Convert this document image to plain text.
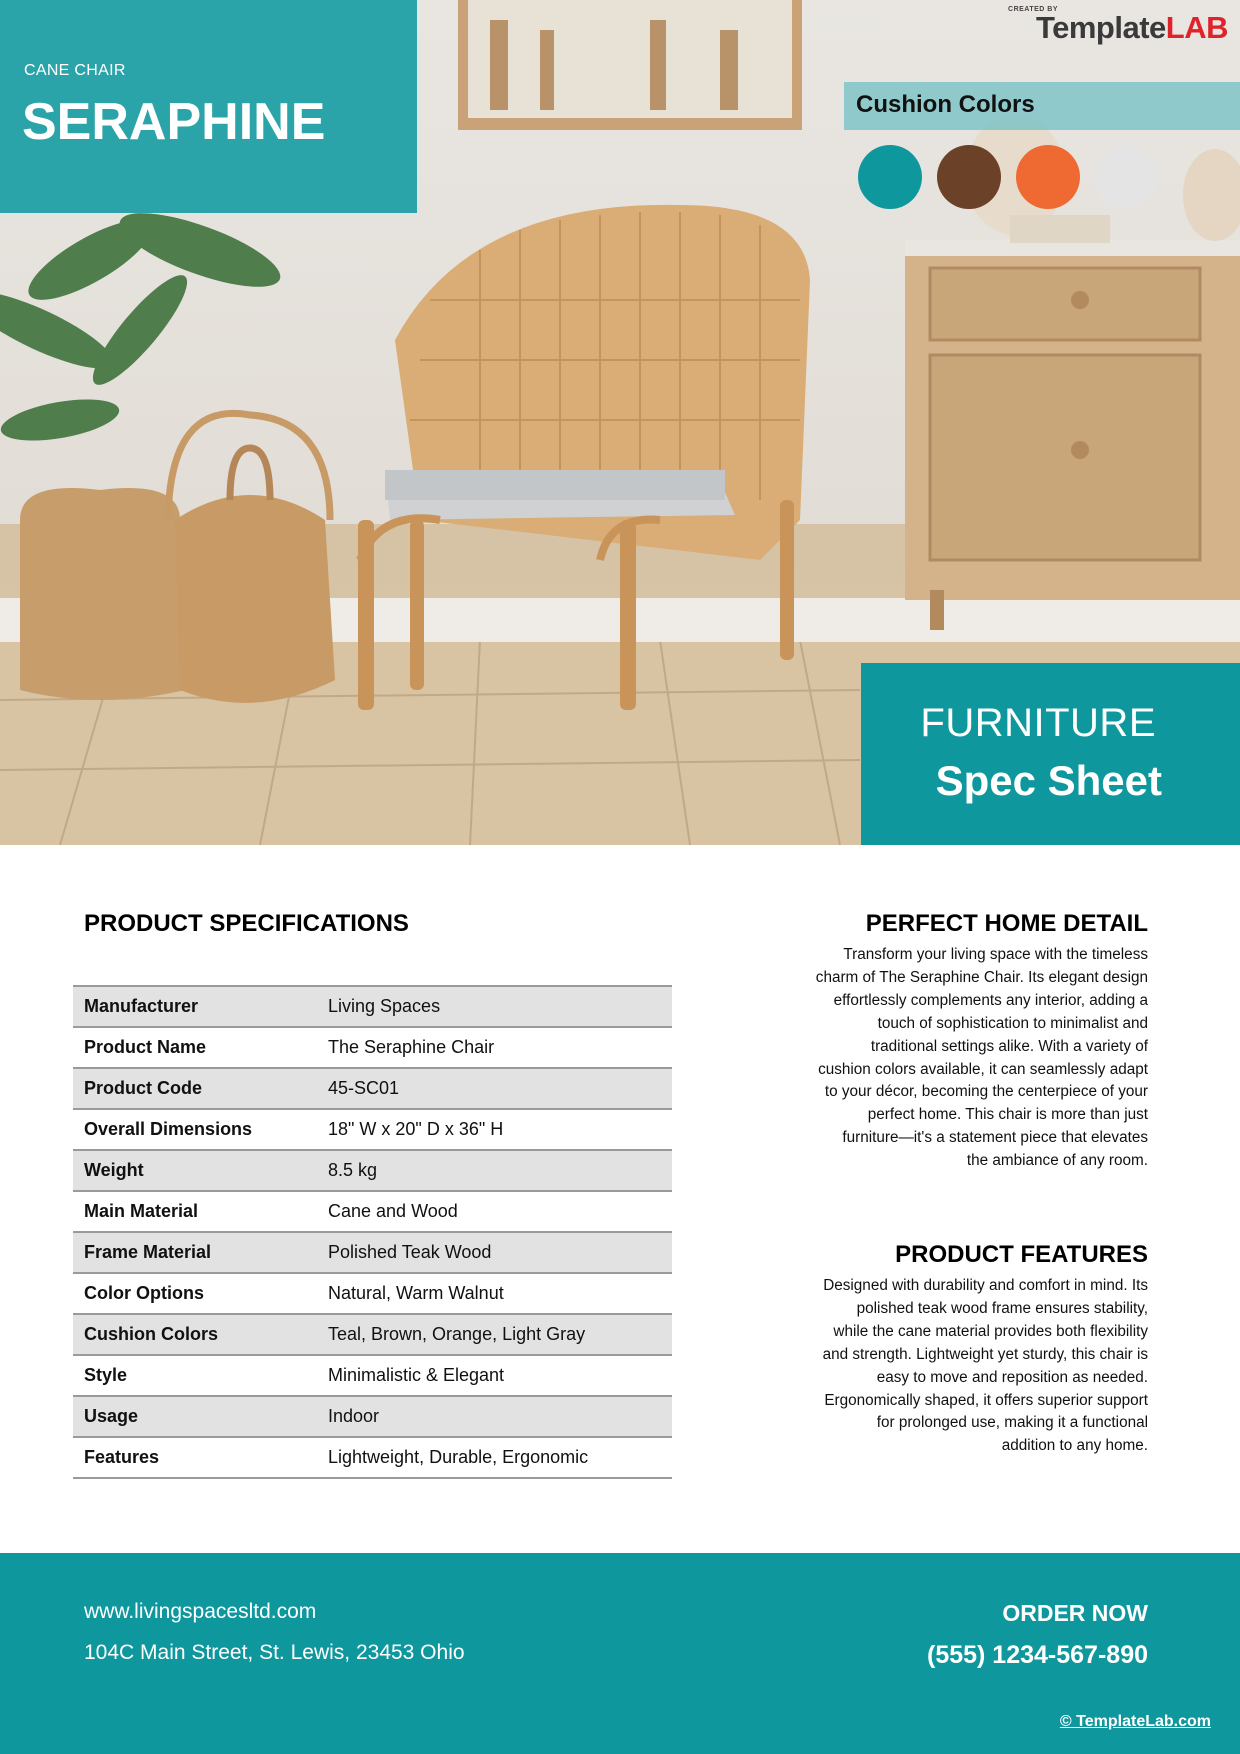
CANE CHAIR
SERAPHINE
CREATED BY
TemplateLAB
Cushion Colors
FURNITURE
Spec Sheet
PRODUCT SPECIFICATIONS
Manufacturer	Living Spaces
Product Name	The Seraphine Chair
Product Code	45-SC01
Overall Dimensions	18" W x 20" D x 36" H
Weight	8.5 kg
Main Material	Cane and Wood
Frame Material	Polished Teak Wood
Color Options	Natural, Warm Walnut
Cushion Colors	Teal, Brown, Orange, Light Gray
Style	Minimalistic & Elegant
Usage	Indoor
Features	Lightweight, Durable, Ergonomic
PERFECT HOME DETAIL

Transform your living space with the timeless
charm of The Seraphine Chair. Its elegant design
effortlessly complements any interior, adding a
touch of sophistication to minimalist and
traditional settings alike. With a variety of
cushion colors available, it can seamlessly adapt
to your décor, becoming the centerpiece of your
perfect home. This chair is more than just
furniture—it's a statement piece that elevates
the ambiance of any room.

PRODUCT FEATURES

Designed with durability and comfort in mind. Its
polished teak wood frame ensures stability,
while the cane material provides both flexibility
and strength. Lightweight yet sturdy, this chair is
easy to move and reposition as needed.
Ergonomically shaped, it offers superior support
for prolonged use, making it a functional
addition to any home.

www.livingspacesltd.com
104C Main Street, St. Lewis, 23453 Ohio
ORDER NOW
(555) 1234-567-890
© TemplateLab.com
